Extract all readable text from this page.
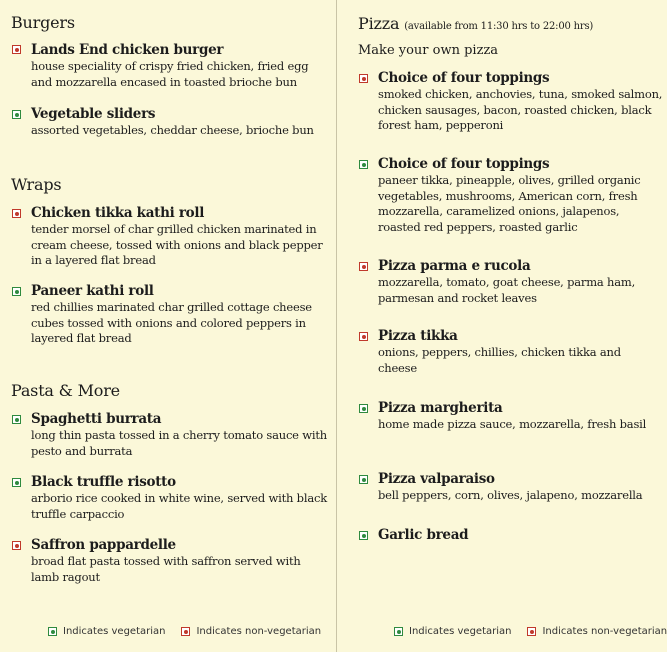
Burgers
Lands End chicken burger
house speciality of crispy fried chicken, fried egg and mozzarella encased in toasted brioche bun
Vegetable sliders
assorted vegetables, cheddar cheese, brioche bun
Wraps
Chicken tikka kathi roll
tender morsel of char grilled chicken marinated in cream cheese, tossed with onions and black pepper in a layered flat bread
Paneer kathi roll
red chillies marinated char grilled cottage cheese cubes tossed with onions and colored peppers in layered flat bread
Pasta & More
Spaghetti burrata
long thin pasta tossed in a cherry tomato sauce with pesto and burrata
Black truffle risotto
arborio rice cooked in white wine, served with black truffle carpaccio
Saffron pappardelle
broad flat pasta tossed with saffron served with lamb ragout
Pizza (available from 11:30 hrs to 22:00 hrs)
Make your own pizza
Choice of four toppings
smoked chicken, anchovies, tuna, smoked salmon, chicken sausages, bacon, roasted chicken, black forest ham, pepperoni
Choice of four toppings
paneer tikka, pineapple, olives, grilled organic vegetables, mushrooms, American corn, fresh mozzarella, caramelized onions, jalapenos, roasted red peppers, roasted garlic
Pizza parma e rucola
mozzarella, tomato, goat cheese, parma ham, parmesan and rocket leaves
Pizza tikka
onions, peppers, chillies, chicken tikka and cheese
Pizza margherita
home made pizza sauce, mozzarella, fresh basil
Pizza valparaiso
bell peppers, corn, olives, jalapeno, mozzarella
Garlic bread
Indicates vegetarian	Indicates non-vegetarian	Indicates vegetarian	Indicates non-vegetarian
